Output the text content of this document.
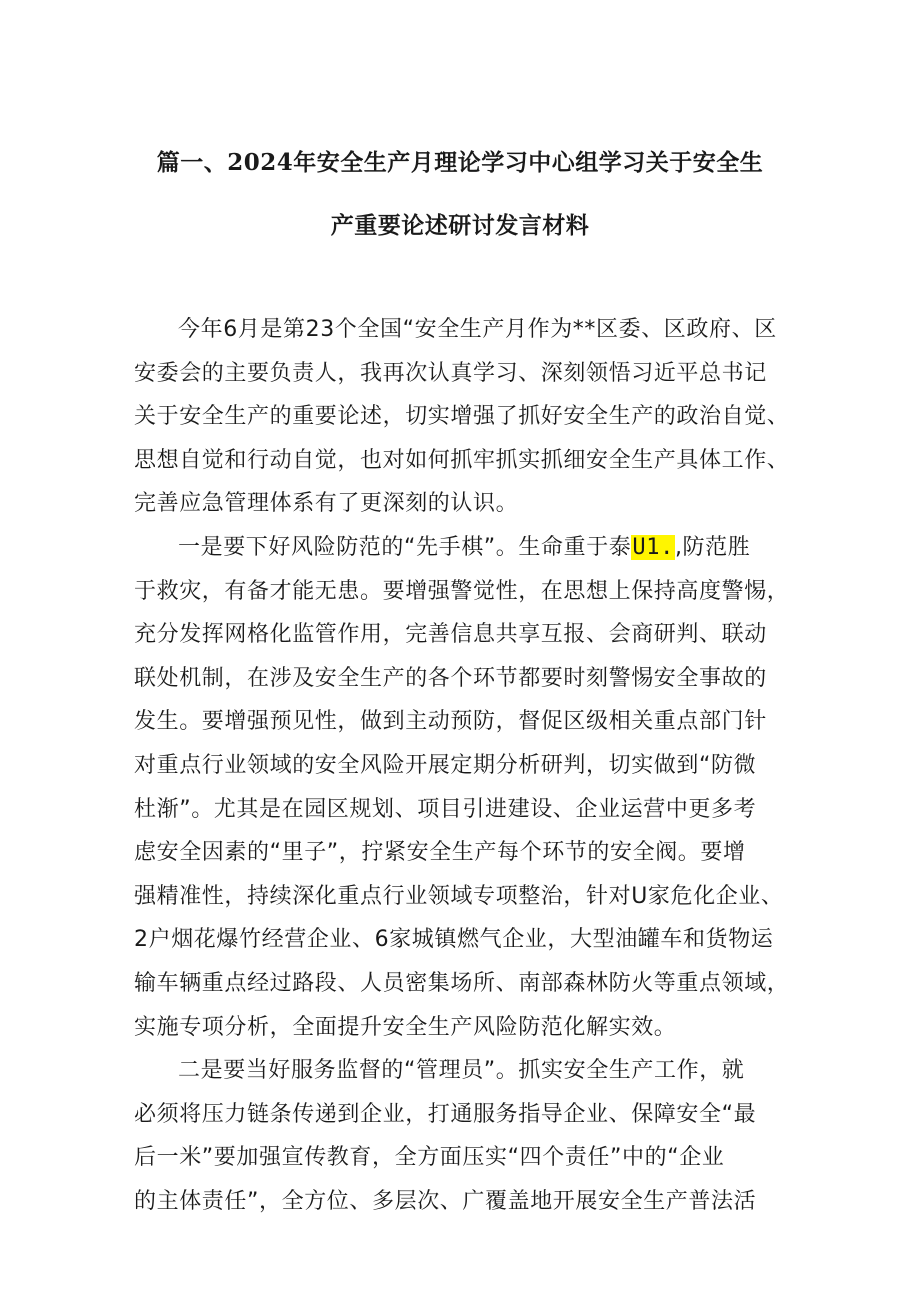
篇一、2024年安全生产月理论学习中心组学习关于安全生
产重要论述研讨发言材料
今年6月是第23个全国“安全生产月作为**区委、区政府、区
安委会的主要负责人，我再次认真学习、深刻领悟习近平总书记
关于安全生产的重要论述，切实增强了抓好安全生产的政治自觉、
思想自觉和行动自觉，也对如何抓牢抓实抓细安全生产具体工作、
完善应急管理体系有了更深刻的认识。
一是要下好风险防范的“先手棋”。生命重于泰U1.,防范胜
于救灾，有备才能无患。要增强警觉性，在思想上保持高度警惕，
充分发挥网格化监管作用，完善信息共享互报、会商研判、联动
联处机制，在涉及安全生产的各个环节都要时刻警惕安全事故的
发生。要增强预见性，做到主动预防，督促区级相关重点部门针
对重点行业领域的安全风险开展定期分析研判，切实做到“防微
杜渐”。尤其是在园区规划、项目引进建设、企业运营中更多考
虑安全因素的“里子”，拧紧安全生产每个环节的安全阀。要增
强精准性，持续深化重点行业领域专项整治，针对U家危化企业、
2户烟花爆竹经营企业、6家城镇燃气企业，大型油罐车和货物运
输车辆重点经过路段、人员密集场所、南部森林防火等重点领域，
实施专项分析，全面提升安全生产风险防范化解实效。
二是要当好服务监督的“管理员”。抓实安全生产工作，就
必须将压力链条传递到企业，打通服务指导企业、保障安全“最
后一米”要加强宣传教育，全方面压实“四个责任”中的“企业
的主体责任”，全方位、多层次、广覆盖地开展安全生产普法活
